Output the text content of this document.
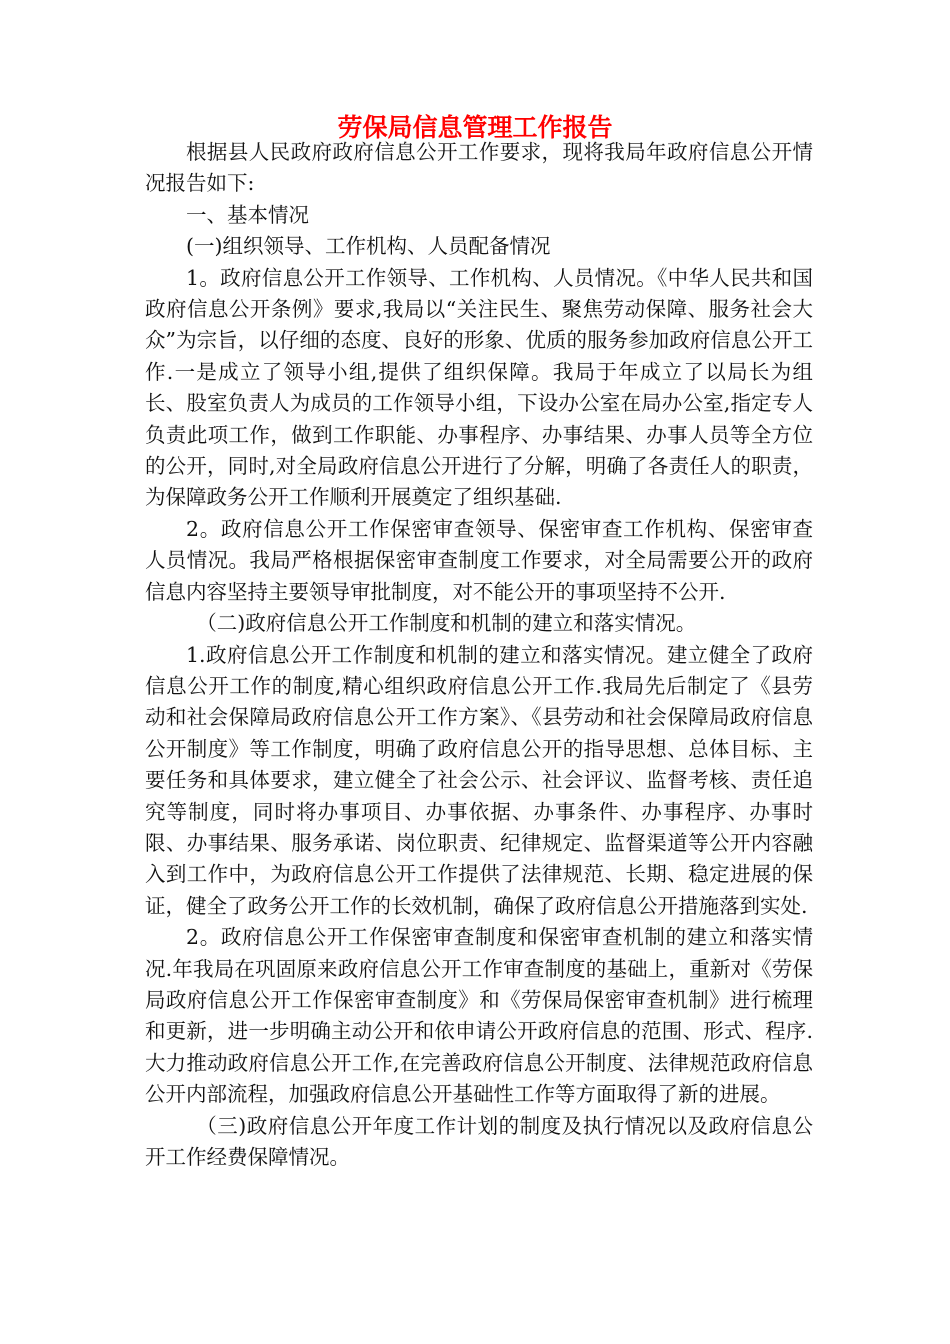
劳保局信息管理工作报告

根据县人民政府政府信息公开工作要求，现将我局年政府信息公开情况报告如下:

一、基本情况

(一)组织领导、工作机构、人员配备情况

1。政府信息公开工作领导、工作机构、人员情况。《中华人民共和国政府信息公开条例》要求,我局以“关注民生、聚焦劳动保障、服务社会大众”为宗旨，以仔细的态度、良好的形象、优质的服务参加政府信息公开工作.一是成立了领导小组,提供了组织保障。我局于年成立了以局长为组长、股室负责人为成员的工作领导小组，下设办公室在局办公室,指定专人负责此项工作，做到工作职能、办事程序、办事结果、办事人员等全方位的公开，同时,对全局政府信息公开进行了分解，明确了各责任人的职责，为保障政务公开工作顺利开展奠定了组织基础.

2。政府信息公开工作保密审查领导、保密审查工作机构、保密审查人员情况。我局严格根据保密审查制度工作要求，对全局需要公开的政府信息内容坚持主要领导审批制度，对不能公开的事项坚持不公开.

（二)政府信息公开工作制度和机制的建立和落实情况。

1.政府信息公开工作制度和机制的建立和落实情况。建立健全了政府信息公开工作的制度,精心组织政府信息公开工作.我局先后制定了《县劳动和社会保障局政府信息公开工作方案》、《县劳动和社会保障局政府信息公开制度》等工作制度，明确了政府信息公开的指导思想、总体目标、主要任务和具体要求，建立健全了社会公示、社会评议、监督考核、责任追究等制度，同时将办事项目、办事依据、办事条件、办事程序、办事时限、办事结果、服务承诺、岗位职责、纪律规定、监督渠道等公开内容融入到工作中，为政府信息公开工作提供了法律规范、长期、稳定进展的保证，健全了政务公开工作的长效机制，确保了政府信息公开措施落到实处.

2。政府信息公开工作保密审查制度和保密审查机制的建立和落实情况.年我局在巩固原来政府信息公开工作审查制度的基础上，重新对《劳保局政府信息公开工作保密审查制度》和《劳保局保密审查机制》进行梳理和更新，进一步明确主动公开和依申请公开政府信息的范围、形式、程序.大力推动政府信息公开工作,在完善政府信息公开制度、法律规范政府信息公开内部流程，加强政府信息公开基础性工作等方面取得了新的进展。

（三)政府信息公开年度工作计划的制度及执行情况以及政府信息公开工作经费保障情况。
